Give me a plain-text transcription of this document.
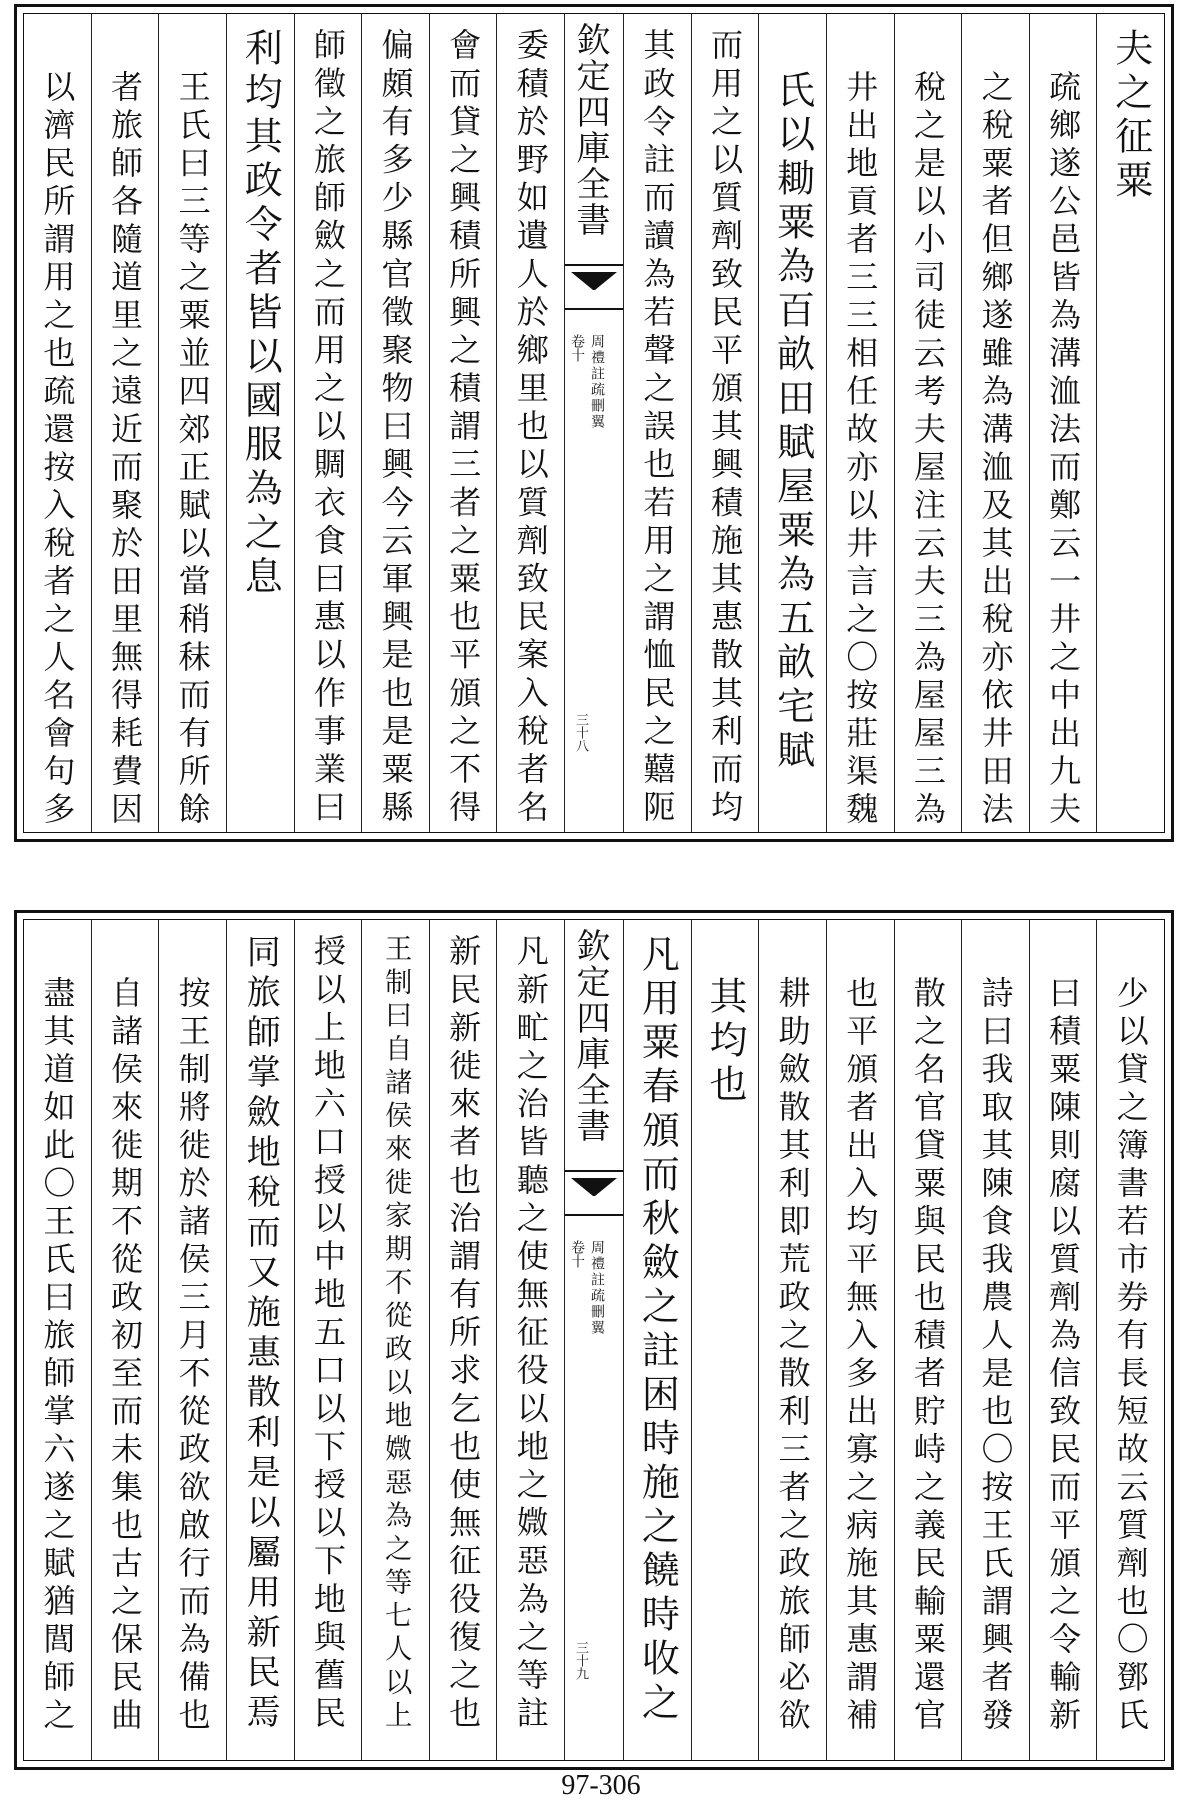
夫之征粟
疏鄉遂公邑皆為溝洫法而鄭云一井之中出九夫
之稅粟者但鄉遂雖為溝洫及其出稅亦依井田法
稅之是以小司徒云考夫屋注云夫三為屋屋三為
井出地貢者三三相任故亦以井言之〇按莊渠魏
氏以耡粟為百畝田賦屋粟為五畝宅賦
而用之以質劑致民平頒其興積施其惠散其利而均
其政令註而讀為若聲之誤也若用之謂恤民之囏阨
欽定四庫全書
周禮註疏刪翼
卷十
三十八
委積於野如遺人於鄉里也以質劑致民案入稅者名
會而貸之興積所興之積謂三者之粟也平頒之不得
偏頗有多少縣官徵聚物曰興今云軍興是也是粟縣
師徵之旅師斂之而用之以賙衣食曰惠以作事業曰
利均其政令者皆以國服為之息
王氏曰三等之粟並四郊正賦以當稍秣而有所餘
者旅師各隨道里之遠近而聚於田里無得耗費因
以濟民所謂用之也疏還按入稅者之人名會句多
少以貸之簿書若市券有長短故云質劑也〇鄧氏
曰積粟陳則腐以質劑為信致民而平頒之令輸新
詩曰我取其陳食我農人是也〇按王氏謂興者發
散之名官貸粟與民也積者貯峙之義民輸粟還官
也平頒者出入均平無入多出寡之病施其惠謂補
耕助斂散其利即荒政之散利三者之政旅師必欲
其均也
凡用粟春頒而秋斂之註困時施之饒時收之
欽定四庫全書
周禮註疏刪翼
卷十
三十九
凡新甿之治皆聽之使無征役以地之媺惡為之等註
新民新徙來者也治謂有所求乞也使無征役復之也
王制曰自諸侯來徙家期不從政以地媺惡為之等七人以上
授以上地六口授以中地五口以下授以下地與舊民
同旅師掌斂地稅而又施惠散利是以屬用新民焉
按王制將徙於諸侯三月不從政欲啟行而為備也
自諸侯來徙期不從政初至而未集也古之保民曲
盡其道如此〇王氏曰旅師掌六遂之賦猶閭師之
97-306
